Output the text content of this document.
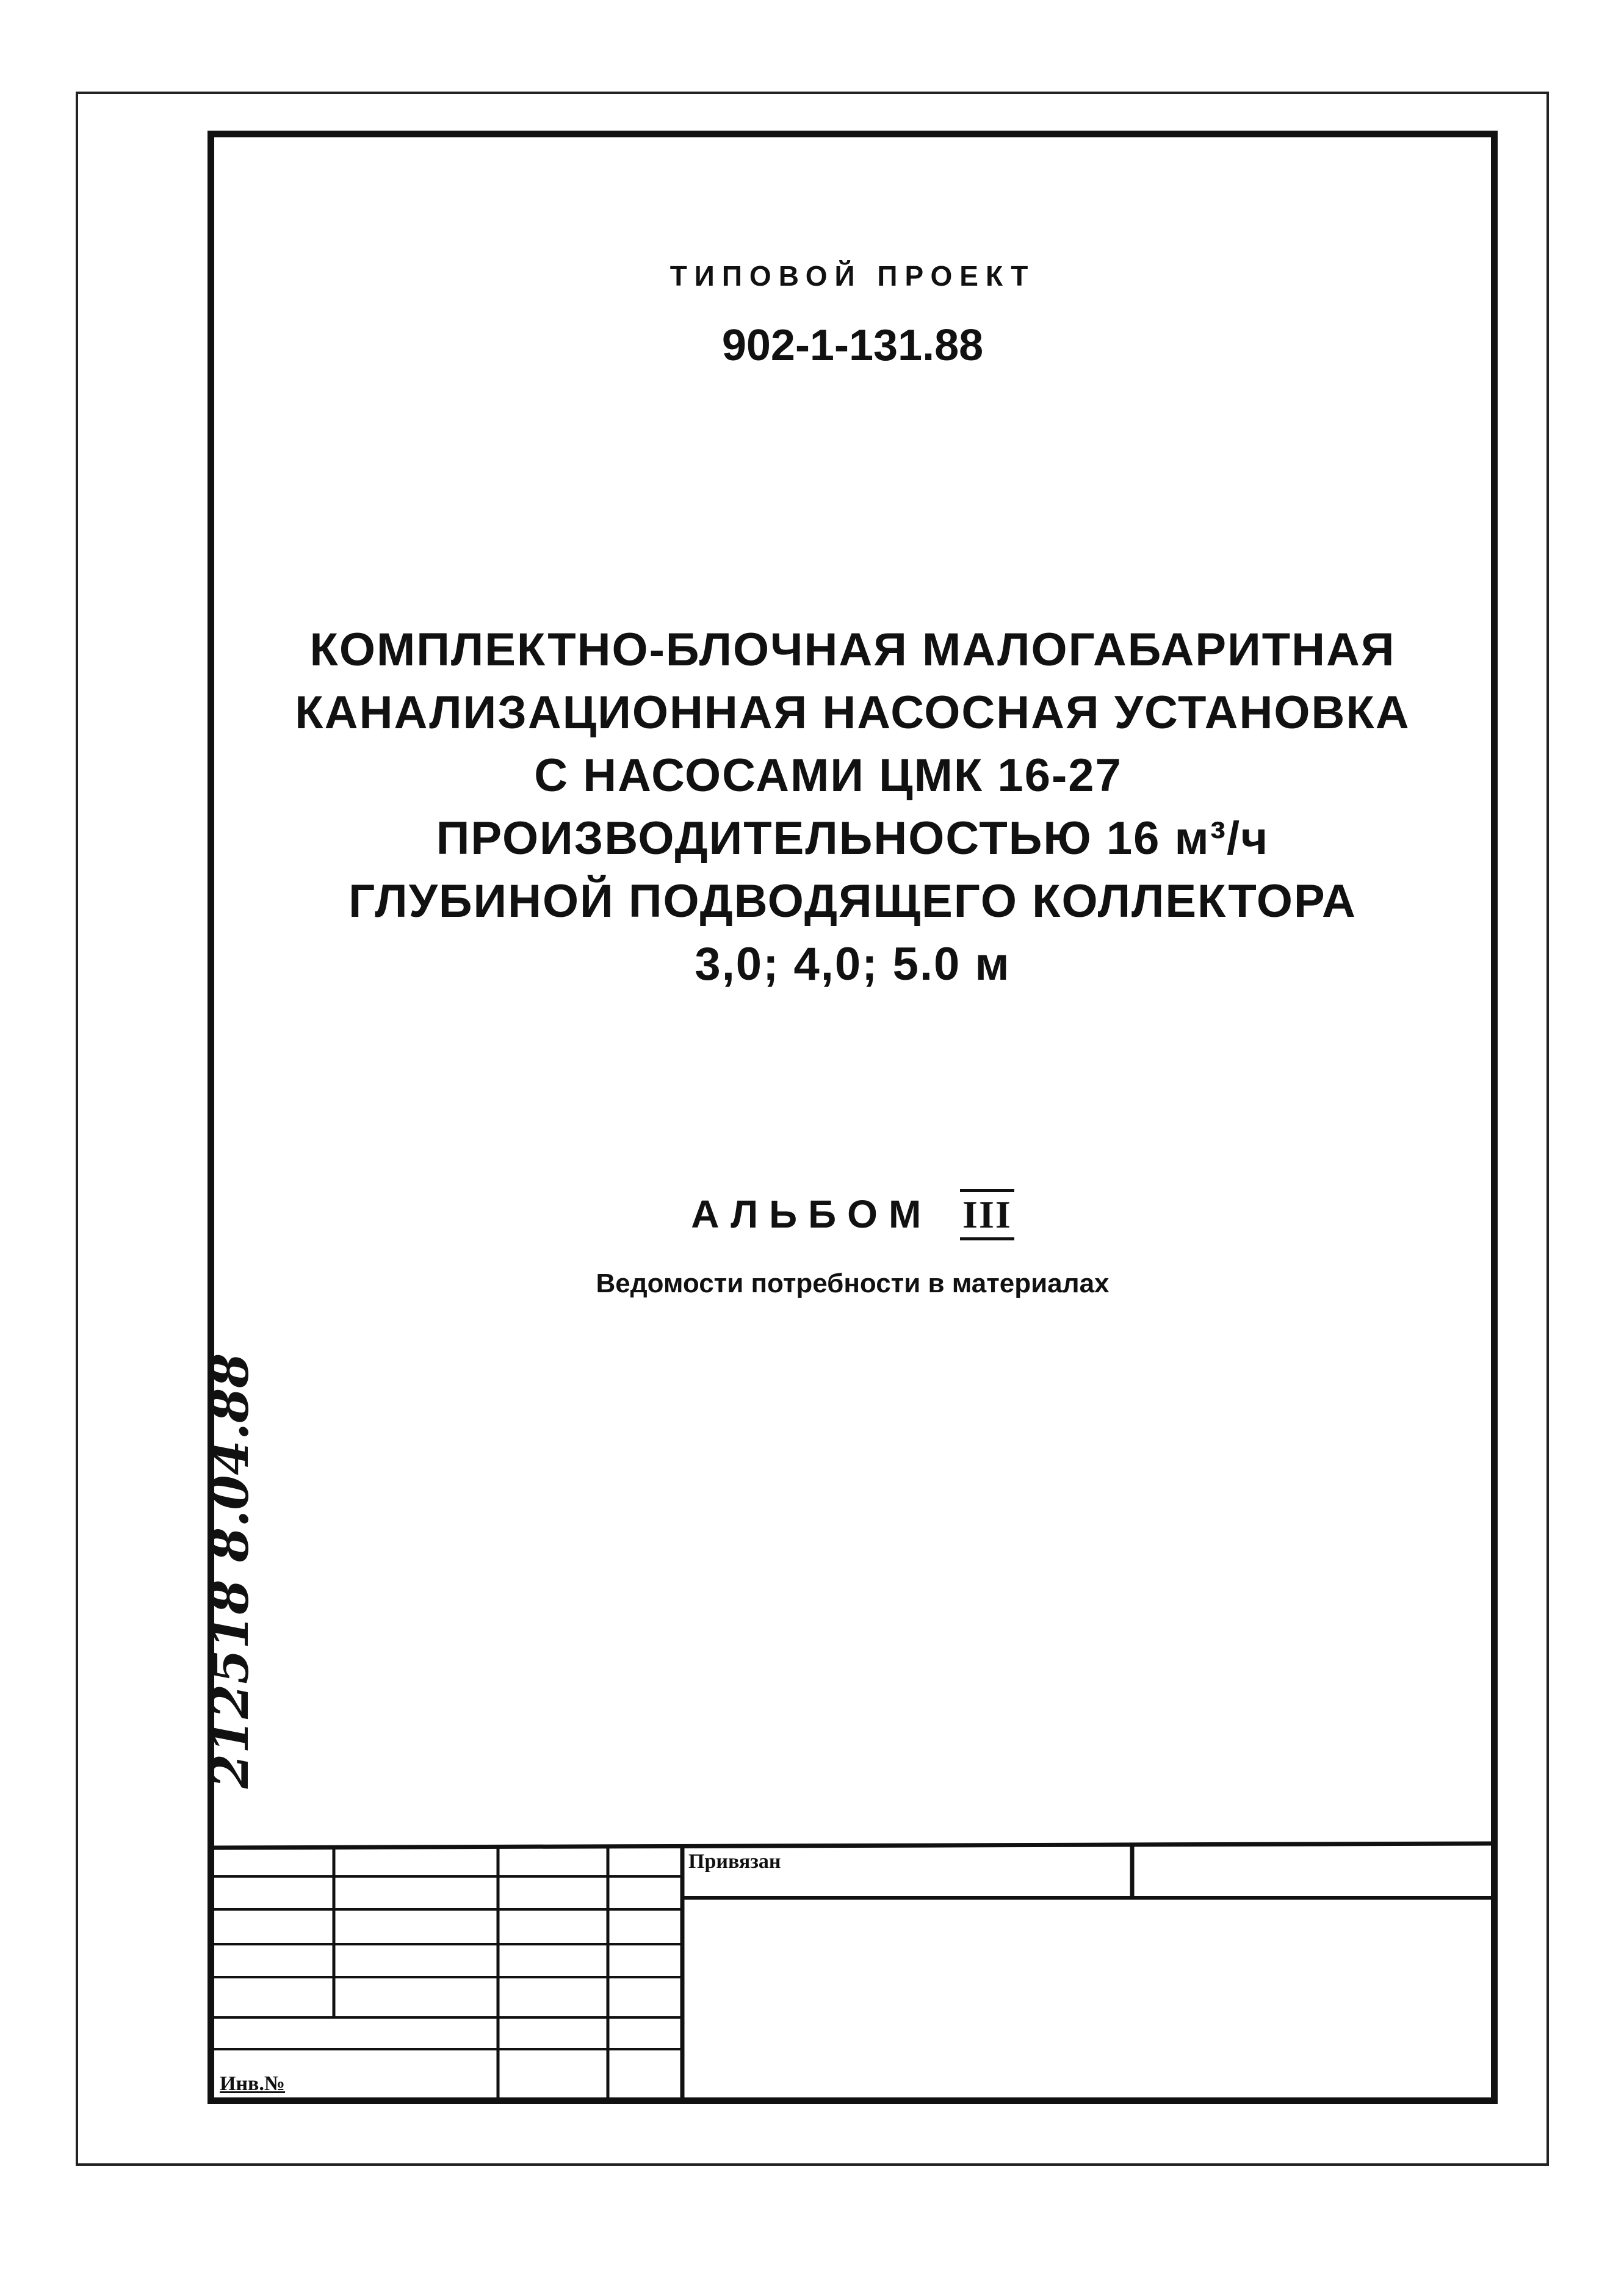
ТИПОВОЙ ПРОЕКТ
902-1-131.88
КОМПЛЕКТНО-БЛОЧНАЯ МАЛОГАБАРИТНАЯ
КАНАЛИЗАЦИОННАЯ НАСОСНАЯ УСТАНОВКА
С НАСОСАМИ ЦМК 16-27
ПРОИЗВОДИТЕЛЬНОСТЬЮ 16 м³/ч
ГЛУБИНОЙ ПОДВОДЯЩЕГО КОЛЛЕКТОРА
3,0; 4,0; 5.0 м
АЛЬБОМ III
Ведомости потребности в материалах
212518 8.04.88
Привязан
Инв.№
